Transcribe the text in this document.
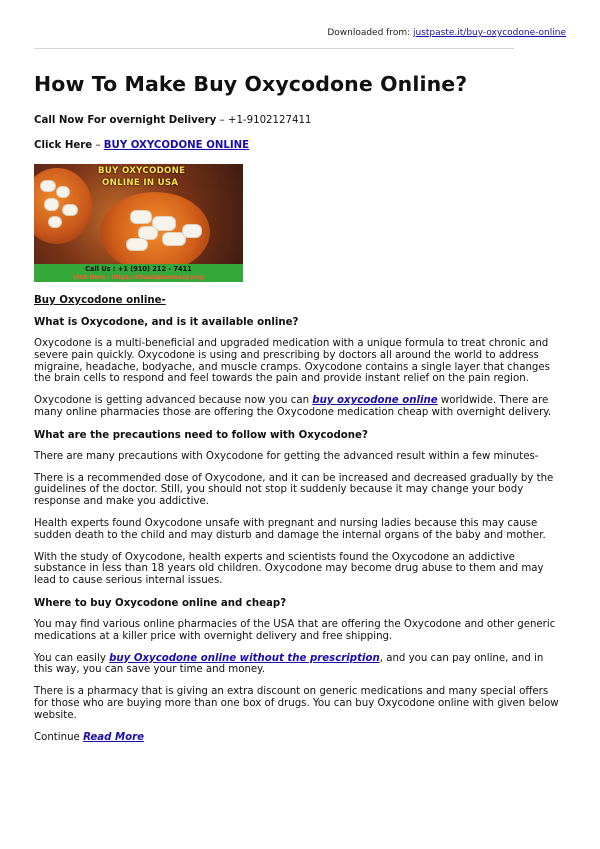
Downloaded from: justpaste.it/buy-oxycodone-online
How To Make Buy Oxycodone Online?
Call Now For overnight Delivery – +1-9102127411
Click Here – BUY OXYCODONE ONLINE
BUY OXYCODONE
ONLINE IN USA
Call Us : +1 (910) 212 - 7411
Visit Here : https://riteaidpharmacy.org/
Buy Oxycodone online-
What is Oxycodone, and is it available online?

Oxycodone is a multi-beneficial and upgraded medication with a unique formula to treat chronic and severe pain quickly. Oxycodone is using and prescribing by doctors all around the world to address migraine, headache, bodyache, and muscle cramps. Oxycodone contains a single layer that changes the brain cells to respond and feel towards the pain and provide instant relief on the pain region.

Oxycodone is getting advanced because now you can buy oxycodone online worldwide. There are many online pharmacies those are offering the Oxycodone medication cheap with overnight delivery.

What are the precautions need to follow with Oxycodone?

There are many precautions with Oxycodone for getting the advanced result within a few minutes-

There is a recommended dose of Oxycodone, and it can be increased and decreased gradually by the guidelines of the doctor. Still, you should not stop it suddenly because it may change your body response and make you addictive.

Health experts found Oxycodone unsafe with pregnant and nursing ladies because this may cause sudden death to the child and may disturb and damage the internal organs of the baby and mother.

With the study of Oxycodone, health experts and scientists found the Oxycodone an addictive substance in less than 18 years old children. Oxycodone may become drug abuse to them and may lead to cause serious internal issues.

Where to buy Oxycodone online and cheap?

You may find various online pharmacies of the USA that are offering the Oxycodone and other generic medications at a killer price with overnight delivery and free shipping.

You can easily buy Oxycodone online without the prescription, and you can pay online, and in this way, you can save your time and money.

There is a pharmacy that is giving an extra discount on generic medications and many special offers for those who are buying more than one box of drugs. You can buy Oxycodone online with given below website.

Continue Read More
